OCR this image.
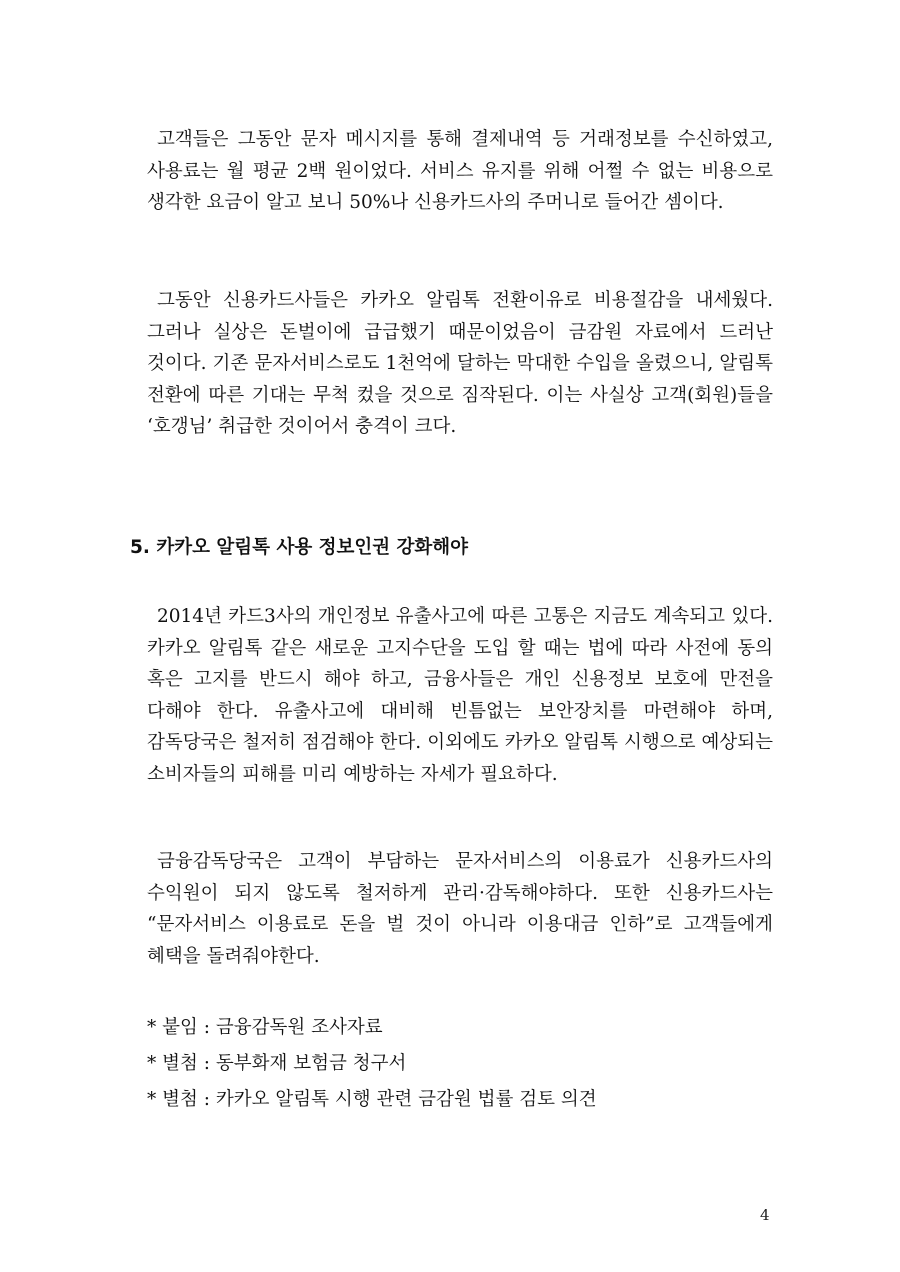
고객들은 그동안 문자 메시지를 통해 결제내역 등 거래정보를 수신하였고, 사용료는 월 평균 2백 원이었다. 서비스 유지를 위해 어쩔 수 없는 비용으로 생각한 요금이 알고 보니 50%나 신용카드사의 주머니로 들어간 셈이다.

그동안 신용카드사들은 카카오 알림톡 전환이유로 비용절감을 내세웠다. 그러나 실상은 돈벌이에 급급했기 때문이었음이 금감원 자료에서 드러난 것이다. 기존 문자서비스로도 1천억에 달하는 막대한 수입을 올렸으니, 알림톡 전환에 따른 기대는 무척 컸을 것으로 짐작된다. 이는 사실상 고객(회원)들을 ‘호갱님’ 취급한 것이어서 충격이 크다.

5. 카카오 알림톡 사용 정보인권 강화해야

2014년 카드3사의 개인정보 유출사고에 따른 고통은 지금도 계속되고 있다. 카카오 알림톡 같은 새로운 고지수단을 도입 할 때는 법에 따라 사전에 동의 혹은 고지를 반드시 해야 하고, 금융사들은 개인 신용정보 보호에 만전을 다해야 한다. 유출사고에 대비해 빈틈없는 보안장치를 마련해야 하며, 감독당국은 철저히 점검해야 한다. 이외에도 카카오 알림톡 시행으로 예상되는 소비자들의 피해를 미리 예방하는 자세가 필요하다.

금융감독당국은 고객이 부담하는 문자서비스의 이용료가 신용카드사의 수익원이 되지 않도록 철저하게 관리·감독해야하다. 또한 신용카드사는 “문자서비스 이용료로 돈을 벌 것이 아니라 이용대금 인하”로 고객들에게 혜택을 돌려줘야한다.

* 붙임 : 금융감독원 조사자료
* 별첨 : 동부화재 보험금 청구서
* 별첨 : 카카오 알림톡 시행 관련 금감원 법률 검토 의견
4
